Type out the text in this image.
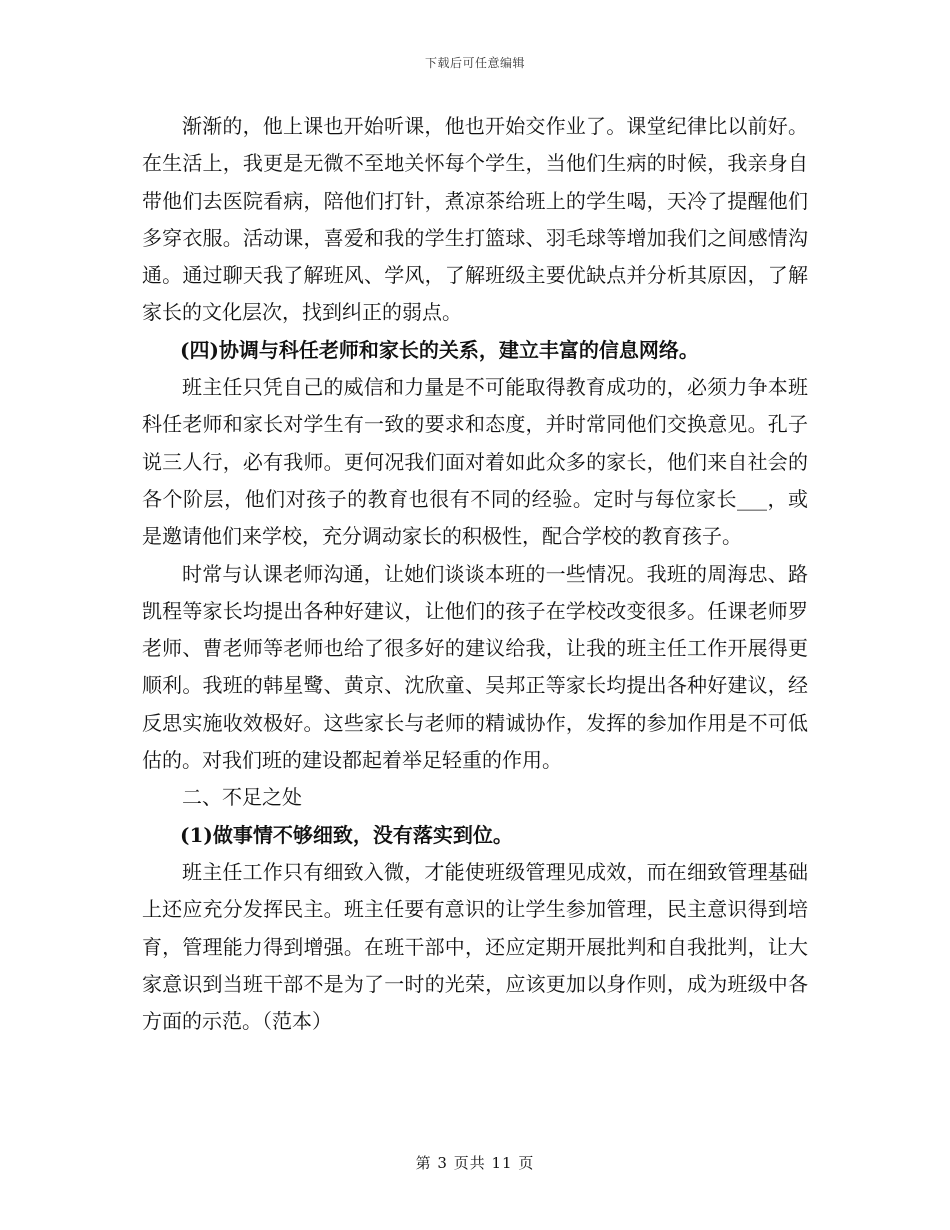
下载后可任意编辑

渐渐的，他上课也开始听课，他也开始交作业了。课堂纪律比以前好。在生活上，我更是无微不至地关怀每个学生，当他们生病的时候，我亲身自带他们去医院看病，陪他们打针，煮凉茶给班上的学生喝，天冷了提醒他们多穿衣服。活动课，喜爱和我的学生打篮球、羽毛球等增加我们之间感情沟通。通过聊天我了解班风、学风，了解班级主要优缺点并分析其原因，了解家长的文化层次，找到纠正的弱点。

(四)协调与科任老师和家长的关系，建立丰富的信息网络。

班主任只凭自己的威信和力量是不可能取得教育成功的，必须力争本班科任老师和家长对学生有一致的要求和态度，并时常同他们交换意见。孔子说三人行，必有我师。更何况我们面对着如此众多的家长，他们来自社会的各个阶层，他们对孩子的教育也很有不同的经验。定时与每位家长___，或是邀请他们来学校，充分调动家长的积极性，配合学校的教育孩子。

时常与认课老师沟通，让她们谈谈本班的一些情况。我班的周海忠、路凯程等家长均提出各种好建议，让他们的孩子在学校改变很多。任课老师罗老师、曹老师等老师也给了很多好的建议给我，让我的班主任工作开展得更顺利。我班的韩星鹭、黄京、沈欣童、吴邦正等家长均提出各种好建议，经反思实施收效极好。这些家长与老师的精诚协作，发挥的参加作用是不可低估的。对我们班的建设都起着举足轻重的作用。

二、不足之处

(1)做事情不够细致，没有落实到位。

班主任工作只有细致入微，才能使班级管理见成效，而在细致管理基础上还应充分发挥民主。班主任要有意识的让学生参加管理，民主意识得到培育，管理能力得到增强。在班干部中，还应定期开展批判和自我批判，让大家意识到当班干部不是为了一时的光荣，应该更加以身作则，成为班级中各方面的示范。（范本）

第 3 页共 11 页
